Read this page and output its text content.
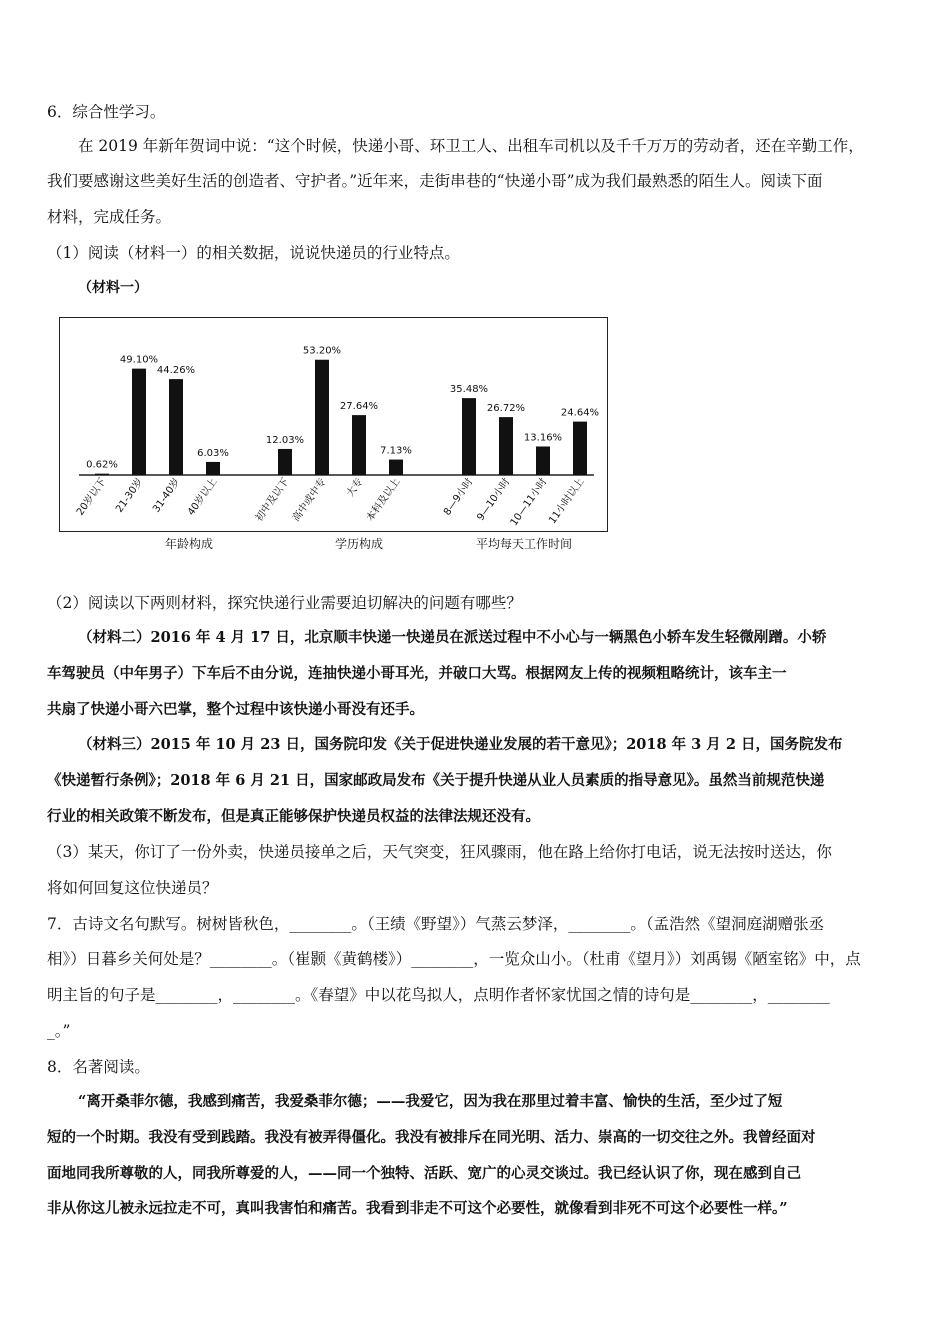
6．综合性学习。
在 2019 年新年贺词中说：“这个时候，快递小哥、环卫工人、出租车司机以及千千万万的劳动者，还在辛勤工作，
我们要感谢这些美好生活的创造者、守护者。”近年来，走街串巷的“快递小哥”成为我们最熟悉的陌生人。阅读下面
材料，完成任务。
（1）阅读（材料一）的相关数据，说说快递员的行业特点。
（材料一）
0.62%
20岁以下
49.10%
21-30岁
44.26%
31-40岁
6.03%
40岁以上
年龄构成
12.03%
初中及以下
53.20%
高中或中专
27.64%
大专
7.13%
本科及以上
学历构成
35.48%
8—9小时
26.72%
9—10小时
13.16%
10—11小时
24.64%
11小时以上
平均每天工作时间
（2）阅读以下两则材料，探究快递行业需要迫切解决的问题有哪些？
（材料二）2016 年 4 月 17 日，北京顺丰快递一快递员在派送过程中不小心与一辆黑色小轿车发生轻微剐蹭。小轿
车驾驶员（中年男子）下车后不由分说，连抽快递小哥耳光，并破口大骂。根据网友上传的视频粗略统计，该车主一
共扇了快递小哥六巴掌，整个过程中该快递小哥没有还手。
（材料三）2015 年 10 月 23 日，国务院印发《关于促进快递业发展的若干意见》；2018 年 3 月 2 日，国务院发布
《快递暂行条例》；2018 年 6 月 21 日，国家邮政局发布《关于提升快递从业人员素质的指导意见》。虽然当前规范快递
行业的相关政策不断发布，但是真正能够保护快递员权益的法律法规还没有。
（3）某天，你订了一份外卖，快递员接单之后，天气突变，狂风骤雨，他在路上给你打电话，说无法按时送达，你
将如何回复这位快递员？
7．古诗文名句默写。树树皆秋色，________。（王绩《野望》）气蒸云梦泽，________。（孟浩然《望洞庭湖赠张丞
相》）日暮乡关何处是？________。（崔颢《黄鹤楼》）________，一览众山小。（杜甫《望月》）刘禹锡《陋室铭》中，点
明主旨的句子是________，________。《春望》中以花鸟拟人，点明作者怀家忧国之情的诗句是________，________
_。”
8．名著阅读。
“离开桑菲尔德，我感到痛苦，我爱桑菲尔德；——我爱它，因为我在那里过着丰富、愉快的生活，至少过了短
短的一个时期。我没有受到践踏。我没有被弄得僵化。我没有被排斥在同光明、活力、崇高的一切交往之外。我曾经面对
面地同我所尊敬的人，同我所尊爱的人，——同一个独特、活跃、宽广的心灵交谈过。我已经认识了你，现在感到自己
非从你这儿被永远拉走不可，真叫我害怕和痛苦。我看到非走不可这个必要性，就像看到非死不可这个必要性一样。”
